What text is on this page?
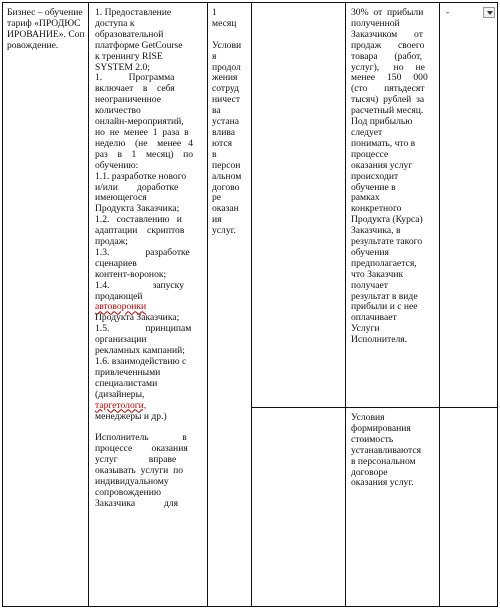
Бизнес – обучение тариф «ПРОДЮСИРОВАНИЕ». Сопровождение.

1. Предоставление

доступа к

образовательной

платформе GetCourse

к тренингу RISE

SYSTEM 2.0;

1.           Программа

включает    в    себя

неограниченное

количество

онлайн-мероприятий,

но  не  менее  1  раза  в

неделю    (не    менее   4

раз    в    1    месяц)    по

обучению:

1.1. разработке нового

и/или        доработке

имеющегося

Продукта Заказчика;

1.2.   составлению   и

адаптации    скриптов

продаж;

1.3.               разработке

сценариев

контент-воронок;

1.4.                  запуску

продающей

автоворонки

Продукта Заказчика;

1.5.               принципам

организации

рекламных кампаний;

1.6. взаимодействию с

привлеченными

специалистами

(дизайнеры,

таргетологи,

менеджеры и др.)

Исполнитель              в

процессе        оказания

услуг             вправе

оказывать  услуги  по

индивидуальному

сопровождению

Заказчика            для

1

месяц

Услови

я

продол

жения

сотруд

ничест

ва

устана

влива

ются

в

персон

альном

догово

ре

оказан

ия

услуг.

30%  от  прибыли

полученной

Заказчиком       от

продаж       своего

товара       (работ,

услуг),      но     не

менее     150     000

(сто       пятьдесят

тысяч)  рублей  за

расчетный месяц.

Под прибылью

следует

понимать, что в

процессе

оказания услуг

происходит

обучение в

рамках

конкретного

Продукта (Курса)

Заказчика, в

результате такого

обучения

предполагается,

что Заказчик

получает

результат в виде

прибыли и с нее

оплачивает

Услуги

Исполнителя.

Условия

формирования

стоимость

устанавливаются

в персональном

договоре

оказания услуг.

-
